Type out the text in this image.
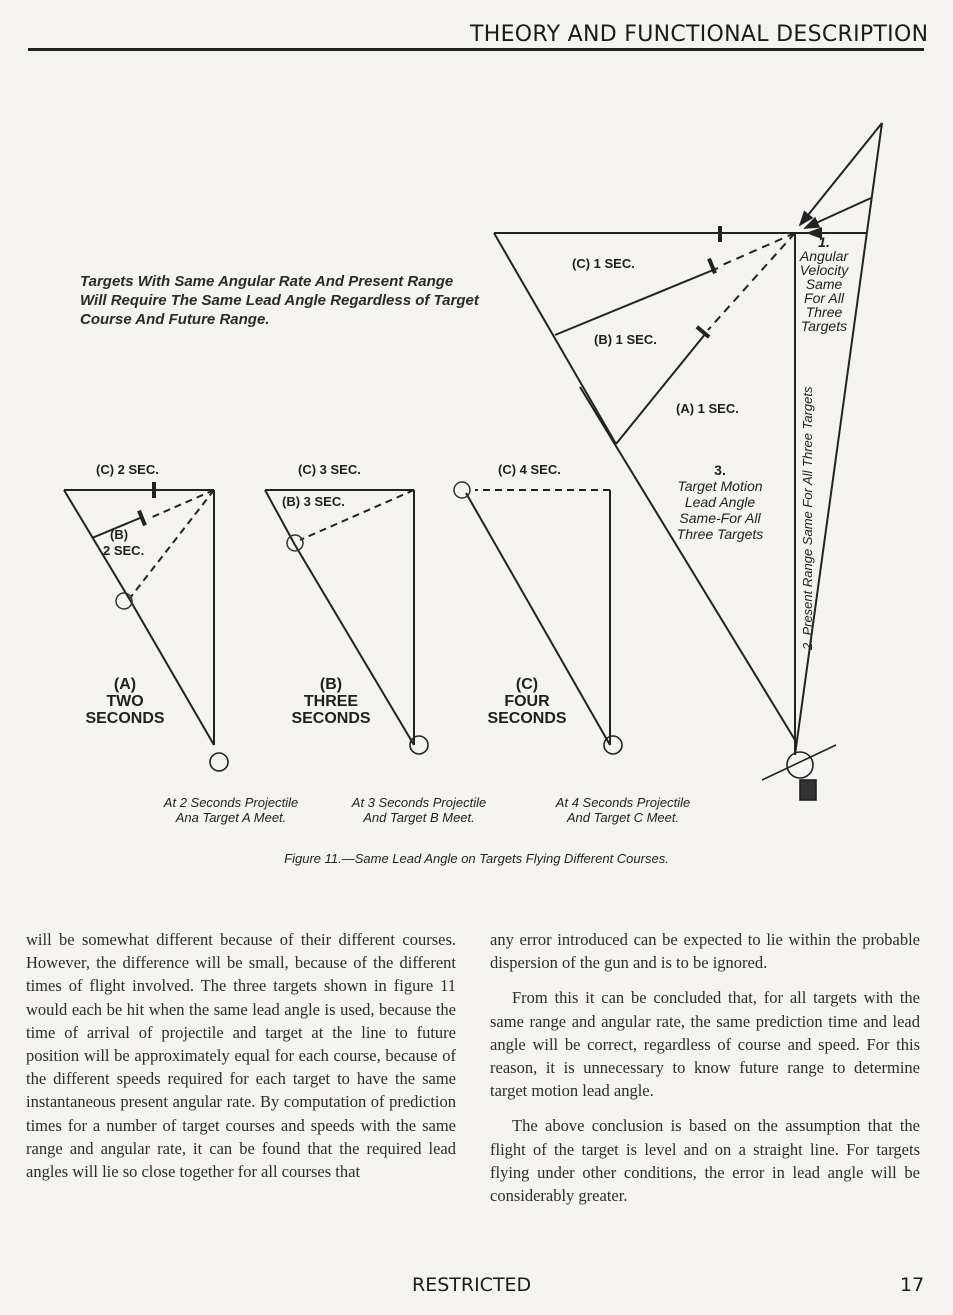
THEORY AND FUNCTIONAL DESCRIPTION
Targets With Same Angular Rate And Present Range Will Require The Same Lead Angle Regardless of Target Course And Future Range.
(C) 1 SEC.
(B) 1 SEC.
(A) 1 SEC.
1.
Angular
Velocity
Same
For All
Three
Targets
2. Present Range Same For All Three Targets
3.
Target Motion
Lead Angle
Same-For All
Three Targets
(C) 2 SEC.
(B)
2 SEC.
(A)
TWO
SECONDS
At 2 Seconds Projectile
Ana Target A Meet.
(C) 3 SEC.
(B) 3 SEC.
(B)
THREE
SECONDS
At 3 Seconds Projectile
And Target B Meet.
(C) 4 SEC.
(C)
FOUR
SECONDS
At 4 Seconds Projectile
And Target C Meet.
Figure 11.—Same Lead Angle on Targets Flying Different Courses.

will be somewhat different because of their different courses. However, the difference will be small, because of the different times of flight involved. The three targets shown in figure 11 would each be hit when the same lead angle is used, because the time of arrival of projectile and target at the line to future position will be approximately equal for each course, because of the different speeds required for each target to have the same instantaneous present angular rate. By computation of prediction times for a number of target courses and speeds with the same range and angular rate, it can be found that the required lead angles will lie so close together for all courses that

any error introduced can be expected to lie within the probable dispersion of the gun and is to be ignored.

From this it can be concluded that, for all targets with the same range and angular rate, the same prediction time and lead angle will be correct, regardless of course and speed. For this reason, it is unnecessary to know future range to determine target motion lead angle.

The above conclusion is based on the assumption that the flight of the target is level and on a straight line. For targets flying under other conditions, the error in lead angle will be considerably greater.

RESTRICTED	17
